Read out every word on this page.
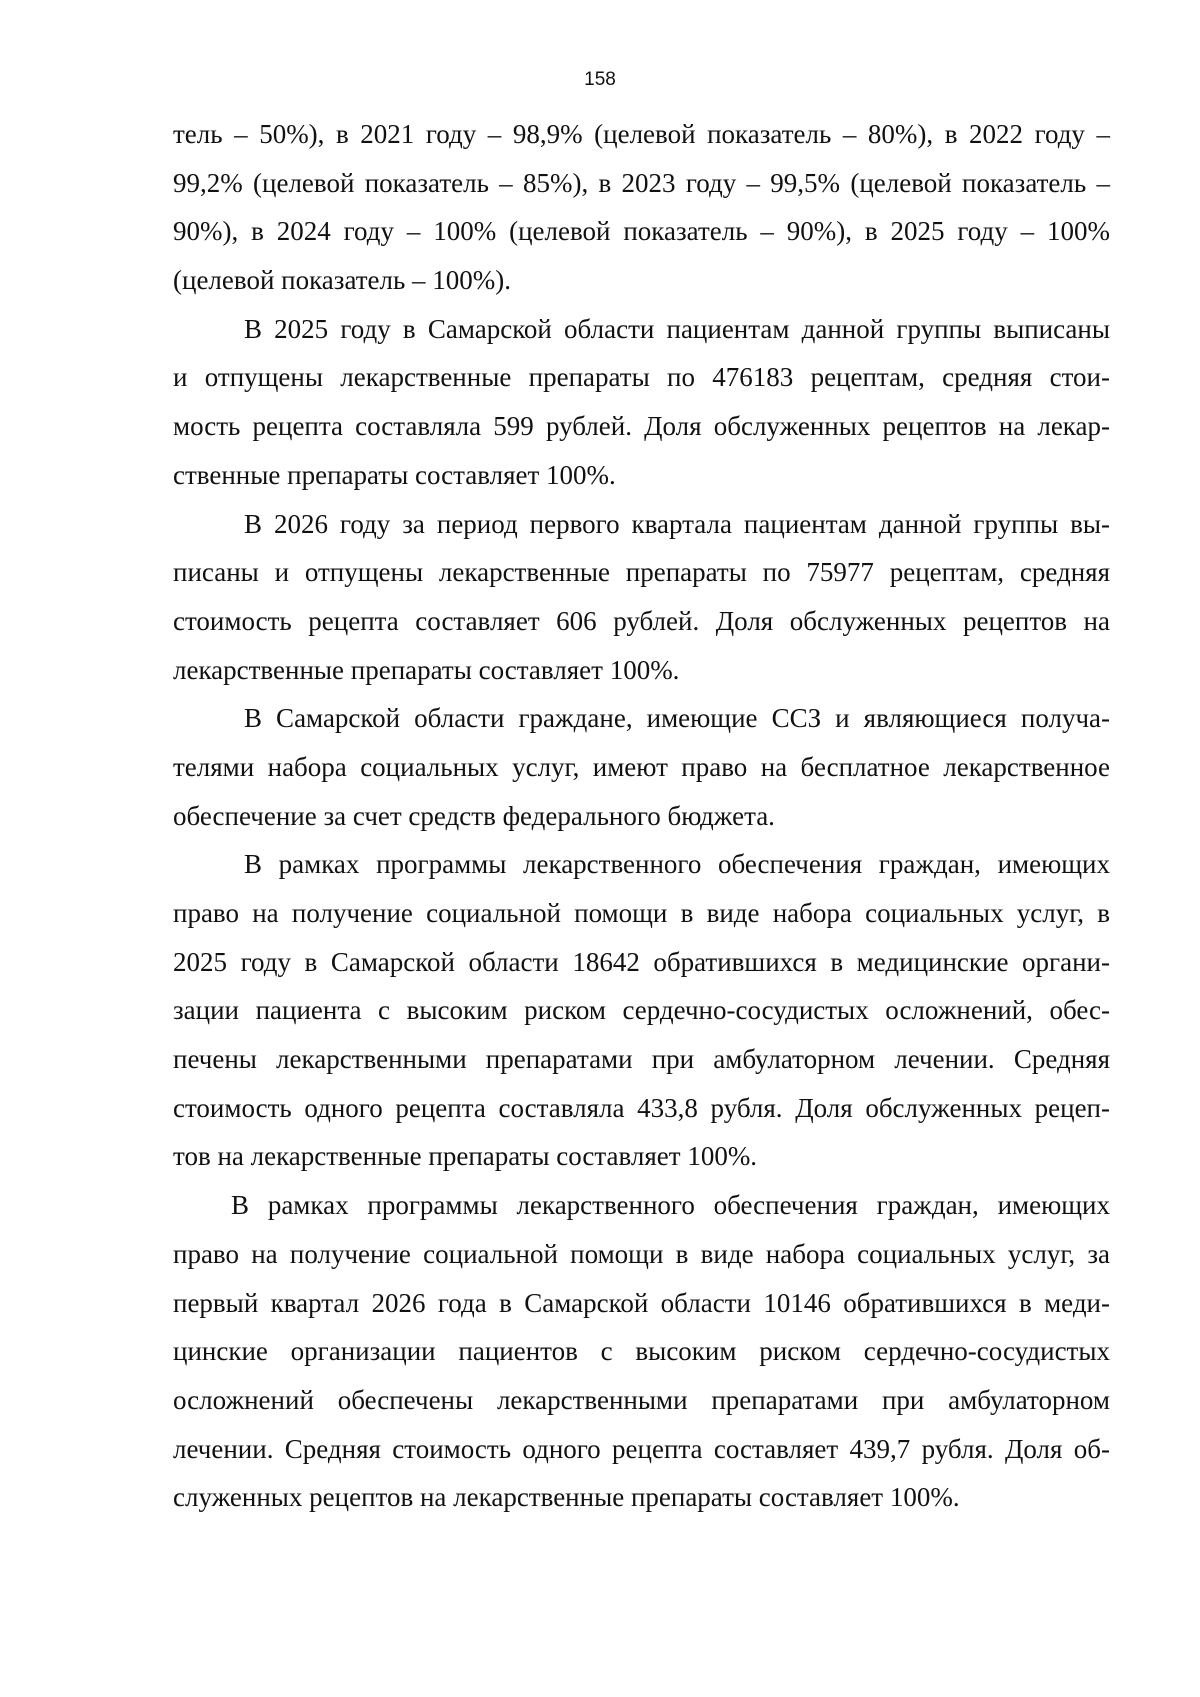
158
тель – 50%), в 2021 году – 98,9% (целевой показатель – 80%), в 2022 году –
99,2% (целевой показатель – 85%), в 2023 году – 99,5% (целевой показатель –
90%), в 2024 году – 100% (целевой показатель – 90%), в 2025 году – 100%
(целевой показатель – 100%).
В 2025 году в Самарской области пациентам данной группы выписаны
и отпущены лекарственные препараты по 476183 рецептам, средняя стои-
мость рецепта составляла 599 рублей. Доля обслуженных рецептов на лекар-
ственные препараты составляет 100%.
В 2026 году за период первого квартала пациентам данной группы вы-
писаны и отпущены лекарственные препараты по 75977 рецептам, средняя
стоимость рецепта составляет 606 рублей. Доля обслуженных рецептов на
лекарственные препараты составляет 100%.
В Самарской области граждане, имеющие ССЗ и являющиеся получа-
телями набора социальных услуг, имеют право на бесплатное лекарственное
обеспечение за счет средств федерального бюджета.
В рамках программы лекарственного обеспечения граждан, имеющих
право на получение социальной помощи в виде набора социальных услуг, в
2025 году в Самарской области 18642 обратившихся в медицинские органи-
зации пациента с высоким риском сердечно-сосудистых осложнений, обес-
печены лекарственными препаратами при амбулаторном лечении. Средняя
стоимость одного рецепта составляла 433,8 рубля. Доля обслуженных рецеп-
тов на лекарственные препараты составляет 100%.
В рамках программы лекарственного обеспечения граждан, имеющих
право на получение социальной помощи в виде набора социальных услуг, за
первый квартал 2026 года в Самарской области 10146 обратившихся в меди-
цинские организации пациентов с высоким риском сердечно-сосудистых
осложнений обеспечены лекарственными препаратами при амбулаторном
лечении. Средняя стоимость одного рецепта составляет 439,7 рубля. Доля об-
служенных рецептов на лекарственные препараты составляет 100%.
